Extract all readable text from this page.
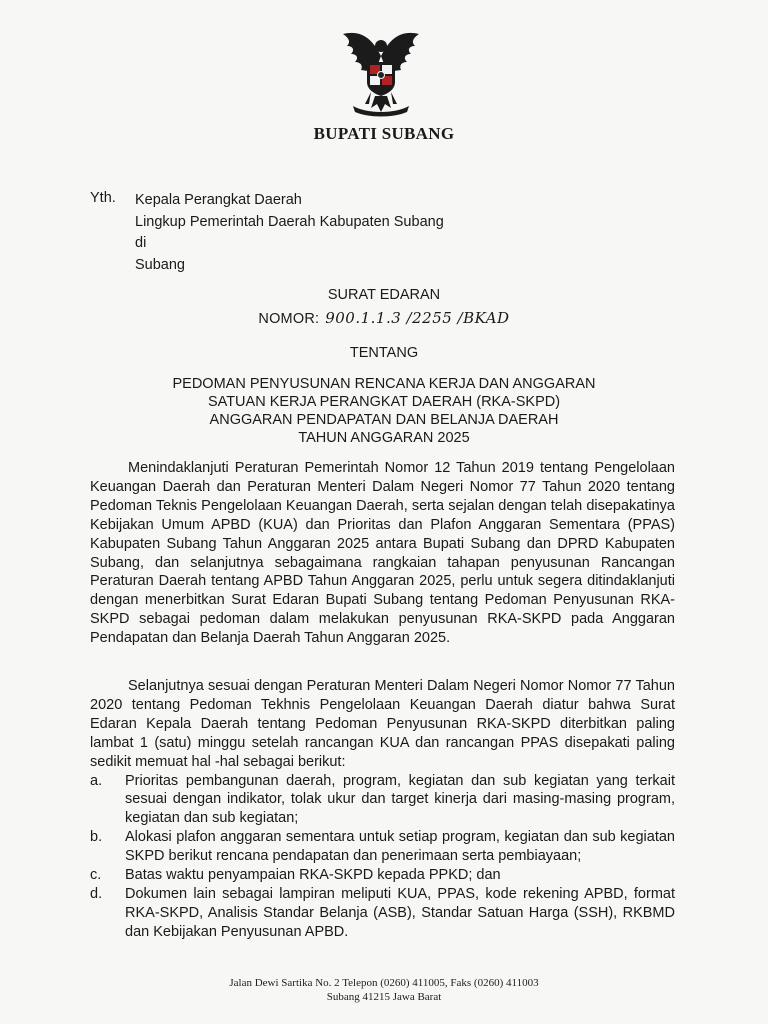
BUPATI SUBANG
Yth. Kepala Perangkat Daerah
Lingkup Pemerintah Daerah Kabupaten Subang
di
Subang
SURAT EDARAN
NOMOR: 900.1.1.3 /2255 /BKAD
TENTANG
PEDOMAN PENYUSUNAN RENCANA KERJA DAN ANGGARAN
SATUAN KERJA PERANGKAT DAERAH (RKA-SKPD)
ANGGARAN PENDAPATAN DAN BELANJA DAERAH
TAHUN ANGGARAN 2025
Menindaklanjuti Peraturan Pemerintah Nomor 12 Tahun 2019 tentang Pengelolaan Keuangan Daerah dan Peraturan Menteri Dalam Negeri Nomor 77 Tahun 2020 tentang Pedoman Teknis Pengelolaan Keuangan Daerah, serta sejalan dengan telah disepakatinya Kebijakan Umum APBD (KUA) dan Prioritas dan Plafon Anggaran Sementara (PPAS) Kabupaten Subang Tahun Anggaran 2025 antara Bupati Subang dan DPRD Kabupaten Subang, dan selanjutnya sebagaimana rangkaian tahapan penyusunan Rancangan Peraturan Daerah tentang APBD Tahun Anggaran 2025, perlu untuk segera ditindaklanjuti dengan menerbitkan Surat Edaran Bupati Subang tentang Pedoman Penyusunan RKA-SKPD sebagai pedoman dalam melakukan penyusunan RKA-SKPD pada Anggaran Pendapatan dan Belanja Daerah Tahun Anggaran 2025.
Selanjutnya sesuai dengan Peraturan Menteri Dalam Negeri Nomor Nomor 77 Tahun 2020 tentang Pedoman Tekhnis Pengelolaan Keuangan Daerah diatur bahwa Surat Edaran Kepala Daerah tentang Pedoman Penyusunan RKA-SKPD diterbitkan paling lambat 1 (satu) minggu setelah rancangan KUA dan rancangan PPAS disepakati paling sedikit memuat hal -hal sebagai berikut:
a.	Prioritas pembangunan daerah, program, kegiatan dan sub kegiatan yang terkait sesuai dengan indikator, tolak ukur dan target kinerja dari masing-masing program, kegiatan dan sub kegiatan;
b.	Alokasi plafon anggaran sementara untuk setiap program, kegiatan dan sub kegiatan SKPD berikut rencana pendapatan dan penerimaan serta pembiayaan;
c.	Batas waktu penyampaian RKA-SKPD kepada PPKD; dan
d.	Dokumen lain sebagai lampiran meliputi KUA, PPAS, kode rekening APBD, format RKA-SKPD, Analisis Standar Belanja (ASB), Standar Satuan Harga (SSH), RKBMD dan Kebijakan Penyusunan APBD.
Jalan Dewi Sartika No. 2 Telepon (0260) 411005, Faks (0260) 411003
Subang 41215 Jawa Barat
